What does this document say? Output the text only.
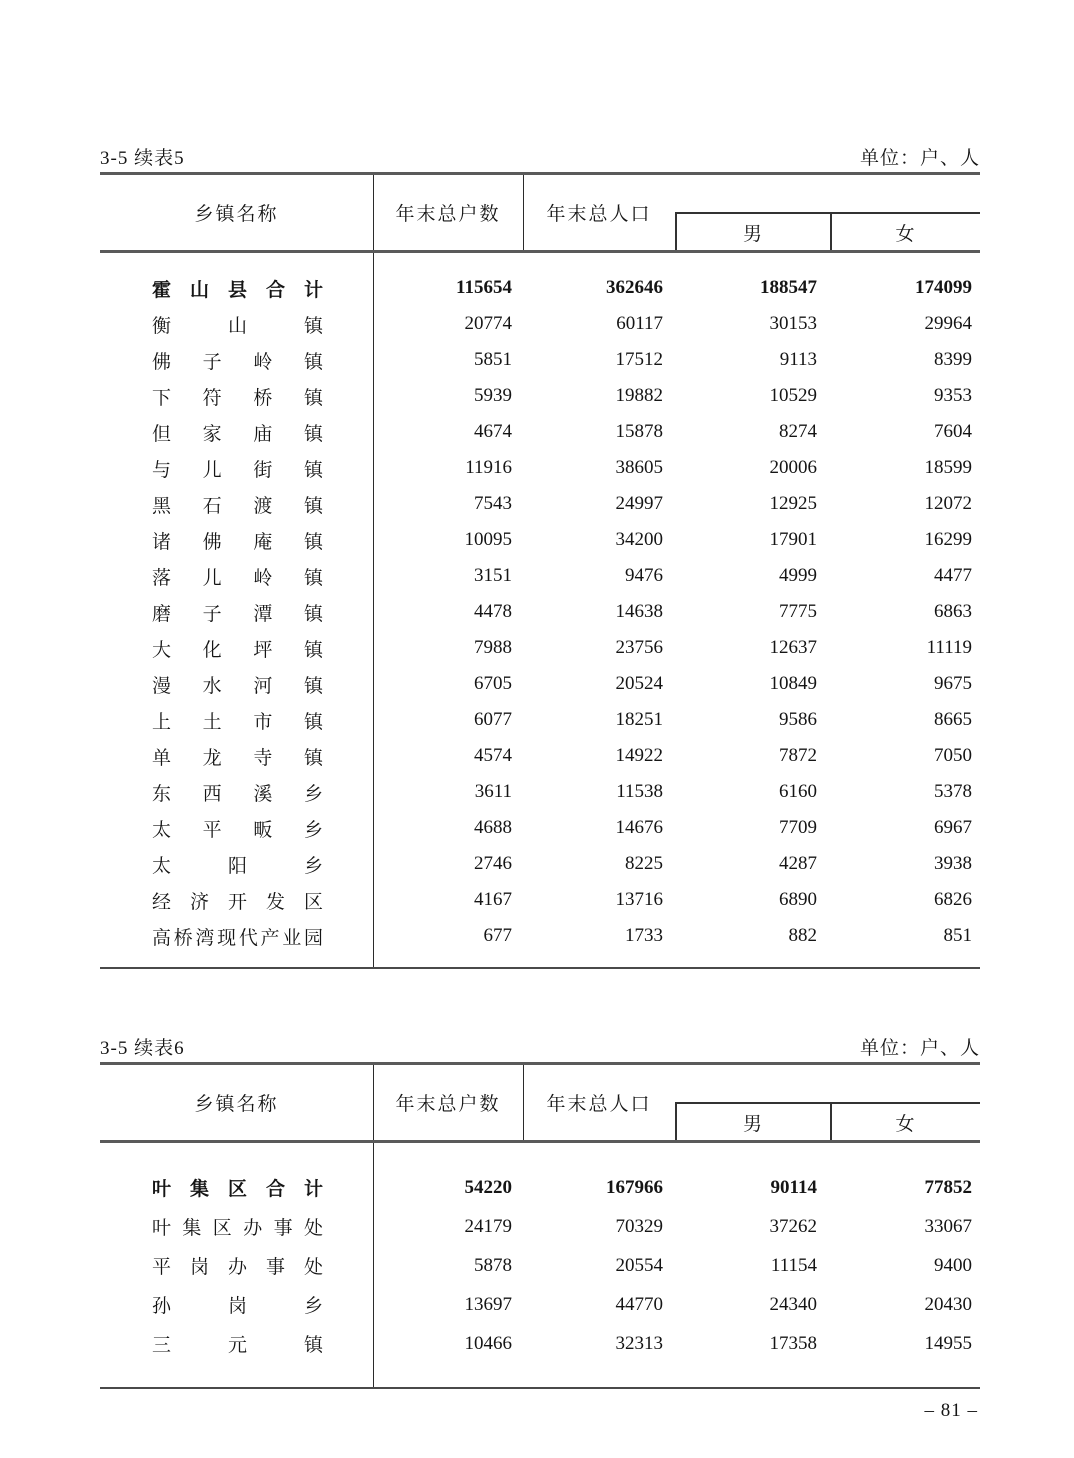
3-5 续表5	单位：户、人
乡镇名称	年末总户数	年末总人口
男	女
霍山县合计	115654	362646	188547	174099
衡山镇	20774	60117	30153	29964
佛子岭镇	5851	17512	9113	8399
下符桥镇	5939	19882	10529	9353
但家庙镇	4674	15878	8274	7604
与儿街镇	11916	38605	20006	18599
黑石渡镇	7543	24997	12925	12072
诸佛庵镇	10095	34200	17901	16299
落儿岭镇	3151	9476	4999	4477
磨子潭镇	4478	14638	7775	6863
大化坪镇	7988	23756	12637	11119
漫水河镇	6705	20524	10849	9675
上土市镇	6077	18251	9586	8665
单龙寺镇	4574	14922	7872	7050
东西溪乡	3611	11538	6160	5378
太平畈乡	4688	14676	7709	6967
太阳乡	2746	8225	4287	3938
经济开发区	4167	13716	6890	6826
高桥湾现代产业园	677	1733	882	851
3-5 续表6	单位：户、人
乡镇名称	年末总户数	年末总人口
男	女
叶集区合计	54220	167966	90114	77852
叶集区办事处	24179	70329	37262	33067
平岗办事处	5878	20554	11154	9400
孙岗乡	13697	44770	24340	20430
三元镇	10466	32313	17358	14955
– 81 –
